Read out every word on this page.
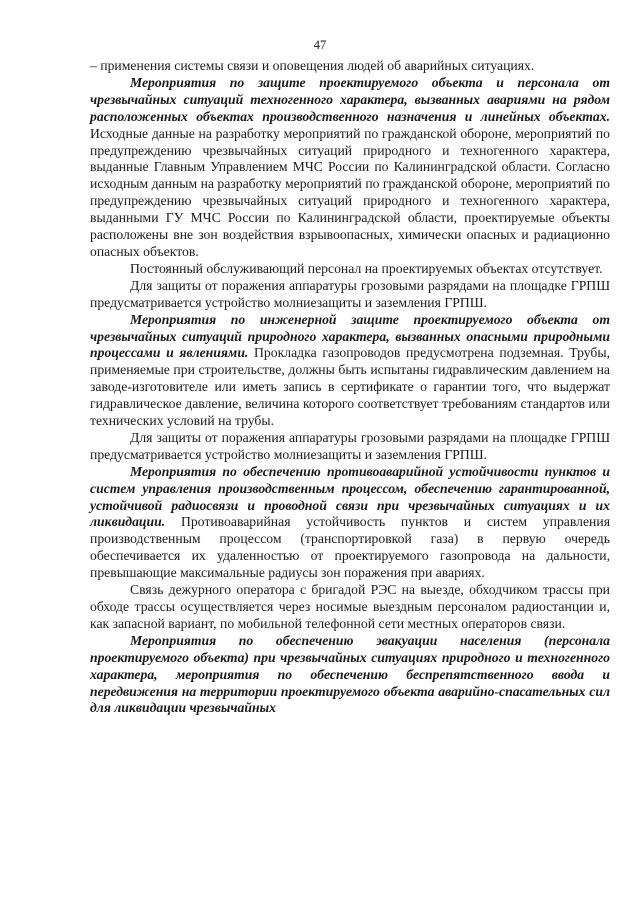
47

– применения системы связи и оповещения людей об аварийных ситуациях.

Мероприятия по защите проектируемого объекта и персонала от чрезвычайных ситуаций техногенного характера, вызванных авариями на рядом расположенных объектах производственного назначения и линейных объектах. Исходные данные на разработку мероприятий по гражданской обороне, мероприятий по предупреждению чрезвычайных ситуаций природного и техногенного характера, выданные Главным Управлением МЧС России по Калининградской области. Согласно исходным данным на разработку мероприятий по гражданской обороне, мероприятий по предупреждению чрезвычайных ситуаций природного и техногенного характера, выданными ГУ МЧС России по Калининградской области, проектируемые объекты расположены вне зон воздействия взрывоопасных, химически опасных и радиационно опасных объектов.

Постоянный обслуживающий персонал на проектируемых объектах отсутствует.

Для защиты от поражения аппаратуры грозовыми разрядами на площадке ГРПШ предусматривается устройство молниезащиты и заземления ГРПШ.

Мероприятия по инженерной защите проектируемого объекта от чрезвычайных ситуаций природного характера, вызванных опасными природными процессами и явлениями. Прокладка газопроводов предусмотрена подземная. Трубы, применяемые при строительстве, должны быть испытаны гидравлическим давлением на заводе-изготовителе или иметь запись в сертификате о гарантии того, что выдержат гидравлическое давление, величина которого соответствует требованиям стандартов или технических условий на трубы.

Для защиты от поражения аппаратуры грозовыми разрядами на площадке ГРПШ предусматривается устройство молниезащиты и заземления ГРПШ.

Мероприятия по обеспечению противоаварийной устойчивости пунктов и систем управления производственным процессом, обеспечению гарантированной, устойчивой радиосвязи и проводной связи при чрезвычайных ситуациях и их ликвидации. Противоаварийная устойчивость пунктов и систем управления производственным процессом (транспортировкой газа) в первую очередь обеспечивается их удаленностью от проектируемого газопровода на дальности, превышающие максимальные радиусы зон поражения при авариях.

Связь дежурного оператора с бригадой РЭС на выезде, обходчиком трассы при обходе трассы осуществляется через носимые выездным персоналом радиостанции и, как запасной вариант, по мобильной телефонной сети местных операторов связи.

Мероприятия по обеспечению эвакуации населения (персонала проектируемого объекта) при чрезвычайных ситуациях природного и техногенного характера, мероприятия по обеспечению беспрепятственного ввода и передвижения на территории проектируемого объекта аварийно-спасательных сил для ликвидации чрезвычайных
